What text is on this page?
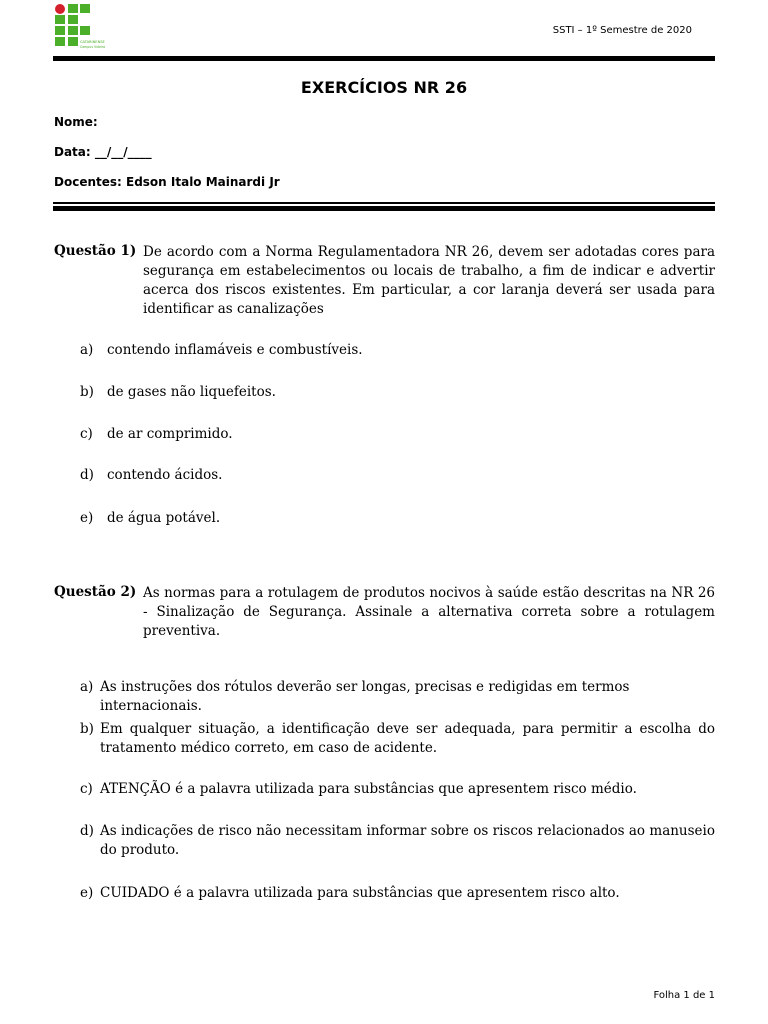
CATARINENSE
Campus Videira
SSTI – 1º Semestre de 2020
EXERCÍCIOS NR 26
Nome:
Data: __/__/____
Docentes: Edson Italo Mainardi Jr
Questão 1) De acordo com a Norma Regulamentadora NR 26, devem ser adotadas cores para segurança em estabelecimentos ou locais de trabalho, a fim de indicar e advertir acerca dos riscos existentes. Em particular, a cor laranja deverá ser usada para identificar as canalizações
a) contendo inflamáveis e combustíveis.
b) de gases não liquefeitos.
c) de ar comprimido.
d) contendo ácidos.
e) de água potável.
Questão 2) As normas para a rotulagem de produtos nocivos à saúde estão descritas na NR 26 - Sinalização de Segurança. Assinale a alternativa correta sobre a rotulagem preventiva.
a) As instruções dos rótulos deverão ser longas, precisas e redigidas em termos internacionais.
b) Em qualquer situação, a identificação deve ser adequada, para permitir a escolha do tratamento médico correto, em caso de acidente.
c) ATENÇÃO é a palavra utilizada para substâncias que apresentem risco médio.
d) As indicações de risco não necessitam informar sobre os riscos relacionados ao manuseio do produto.
e) CUIDADO é a palavra utilizada para substâncias que apresentem risco alto.
Folha 1 de 1
